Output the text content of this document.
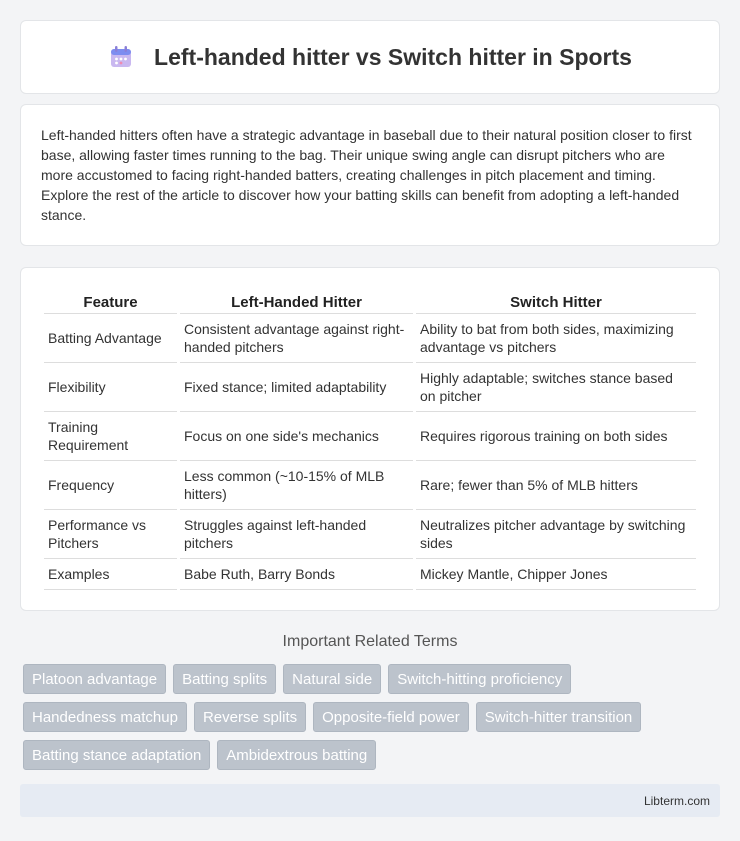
Left-handed hitter vs Switch hitter in Sports
Left-handed hitters often have a strategic advantage in baseball due to their natural position closer to first base, allowing faster times running to the bag. Their unique swing angle can disrupt pitchers who are more accustomed to facing right-handed batters, creating challenges in pitch placement and timing. Explore the rest of the article to discover how your batting skills can benefit from adopting a left-handed stance.
Feature	Left-Handed Hitter	Switch Hitter
Batting Advantage	Consistent advantage against right-handed pitchers	Ability to bat from both sides, maximizing advantage vs pitchers
Flexibility	Fixed stance; limited adaptability	Highly adaptable; switches stance based on pitcher
Training Requirement	Focus on one side's mechanics	Requires rigorous training on both sides
Frequency	Less common (~10-15% of MLB hitters)	Rare; fewer than 5% of MLB hitters
Performance vs Pitchers	Struggles against left-handed pitchers	Neutralizes pitcher advantage by switching sides
Examples	Babe Ruth, Barry Bonds	Mickey Mantle, Chipper Jones
Important Related Terms
Platoon advantage	Batting splits	Natural side	Switch-hitting proficiency
Handedness matchup	Reverse splits	Opposite-field power	Switch-hitter transition
Batting stance adaptation	Ambidextrous batting
Libterm.com
